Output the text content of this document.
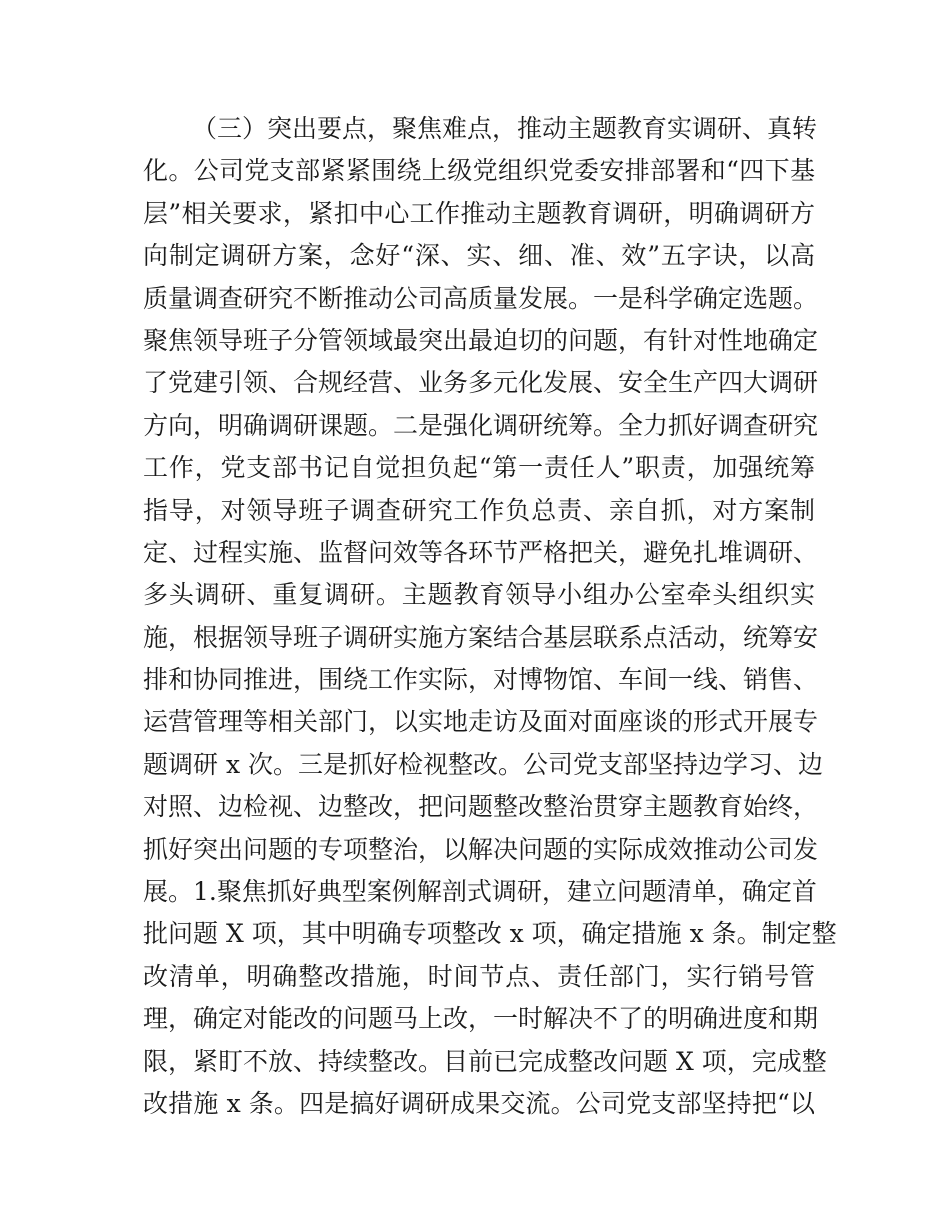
（三）突出要点，聚焦难点，推动主题教育实调研、真转
化。公司党支部紧紧围绕上级党组织党委安排部署和“四下基
层”相关要求，紧扣中心工作推动主题教育调研，明确调研方
向制定调研方案，念好“深、实、细、准、效”五字诀，以高
质量调查研究不断推动公司高质量发展。一是科学确定选题。
聚焦领导班子分管领域最突出最迫切的问题，有针对性地确定
了党建引领、合规经营、业务多元化发展、安全生产四大调研
方向，明确调研课题。二是强化调研统筹。全力抓好调查研究
工作，党支部书记自觉担负起“第一责任人”职责，加强统筹
指导，对领导班子调查研究工作负总责、亲自抓，对方案制
定、过程实施、监督问效等各环节严格把关，避免扎堆调研、
多头调研、重复调研。主题教育领导小组办公室牵头组织实
施，根据领导班子调研实施方案结合基层联系点活动，统筹安
排和协同推进，围绕工作实际，对博物馆、车间一线、销售、
运营管理等相关部门，以实地走访及面对面座谈的形式开展专
题调研 x 次。三是抓好检视整改。公司党支部坚持边学习、边
对照、边检视、边整改，把问题整改整治贯穿主题教育始终，
抓好突出问题的专项整治，以解决问题的实际成效推动公司发
展。1.聚焦抓好典型案例解剖式调研，建立问题清单，确定首
批问题 X 项，其中明确专项整改 x 项，确定措施 x 条。制定整
改清单，明确整改措施，时间节点、责任部门，实行销号管
理，确定对能改的问题马上改，一时解决不了的明确进度和期
限，紧盯不放、持续整改。目前已完成整改问题 X 项，完成整
改措施 x 条。四是搞好调研成果交流。公司党支部坚持把“以
